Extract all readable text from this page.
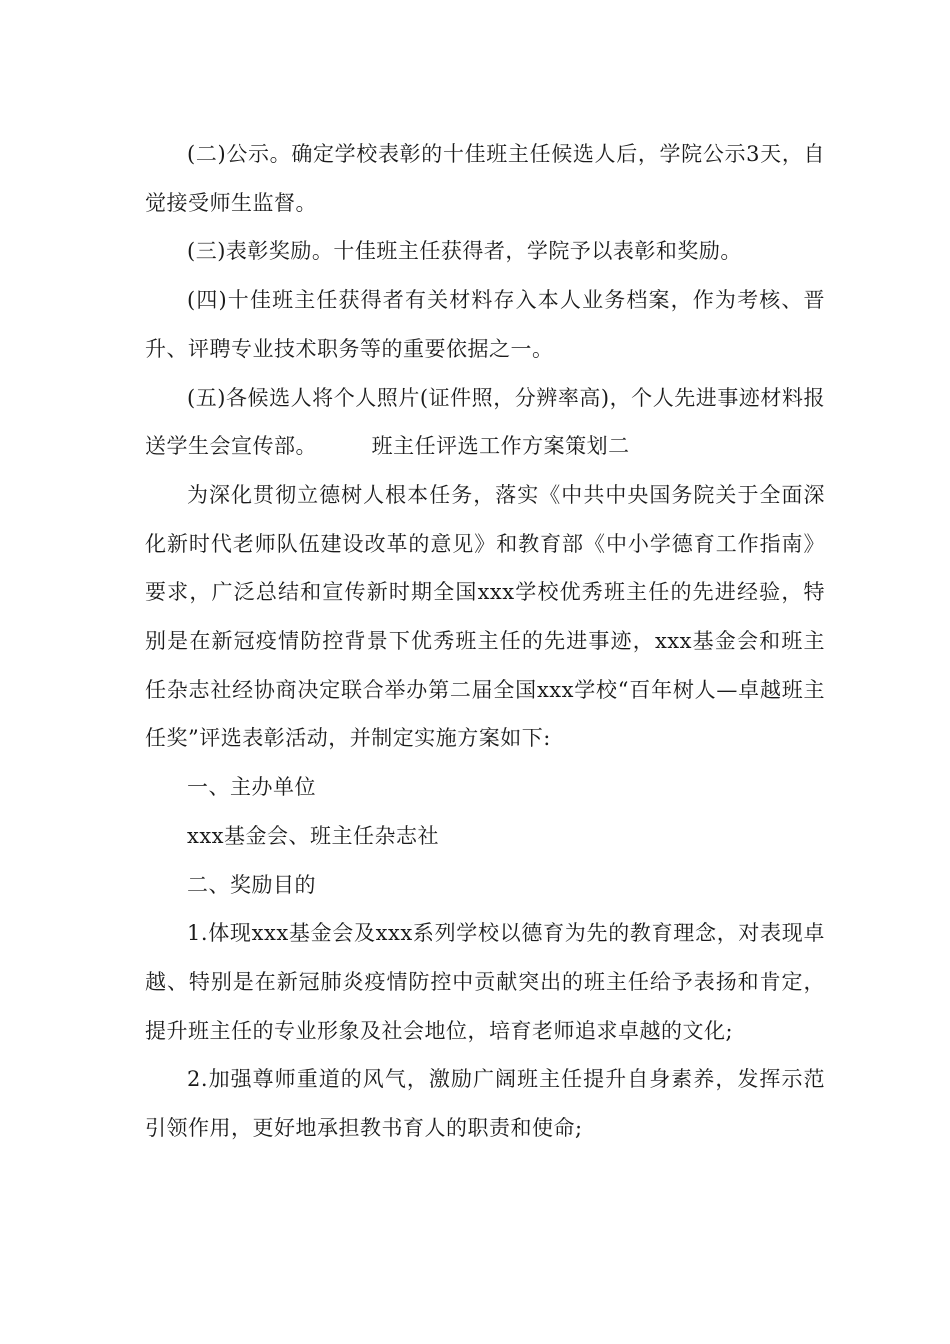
(二)公示。确定学校表彰的十佳班主任候选人后，学院公示3天，自觉接受师生监督。

(三)表彰奖励。十佳班主任获得者，学院予以表彰和奖励。

(四)十佳班主任获得者有关材料存入本人业务档案，作为考核、晋升、评聘专业技术职务等的重要依据之一。

(五)各候选人将个人照片(证件照，分辨率高)，个人先进事迹材料报送学生会宣传部。	班主任评选工作方案策划二

为深化贯彻立德树人根本任务，落实《中共中央国务院关于全面深化新时代老师队伍建设改革的意见》和教育部《中小学德育工作指南》要求，广泛总结和宣传新时期全国xxx学校优秀班主任的先进经验，特别是在新冠疫情防控背景下优秀班主任的先进事迹，xxx基金会和班主任杂志社经协商决定联合举办第二届全国xxx学校“百年树人—卓越班主任奖”评选表彰活动，并制定实施方案如下:

一、主办单位

xxx基金会、班主任杂志社

二、奖励目的

1.体现xxx基金会及xxx系列学校以德育为先的教育理念，对表现卓越、特别是在新冠肺炎疫情防控中贡献突出的班主任给予表扬和肯定，提升班主任的专业形象及社会地位，培育老师追求卓越的文化;

2.加强尊师重道的风气，激励广阔班主任提升自身素养，发挥示范引领作用，更好地承担教书育人的职责和使命;
